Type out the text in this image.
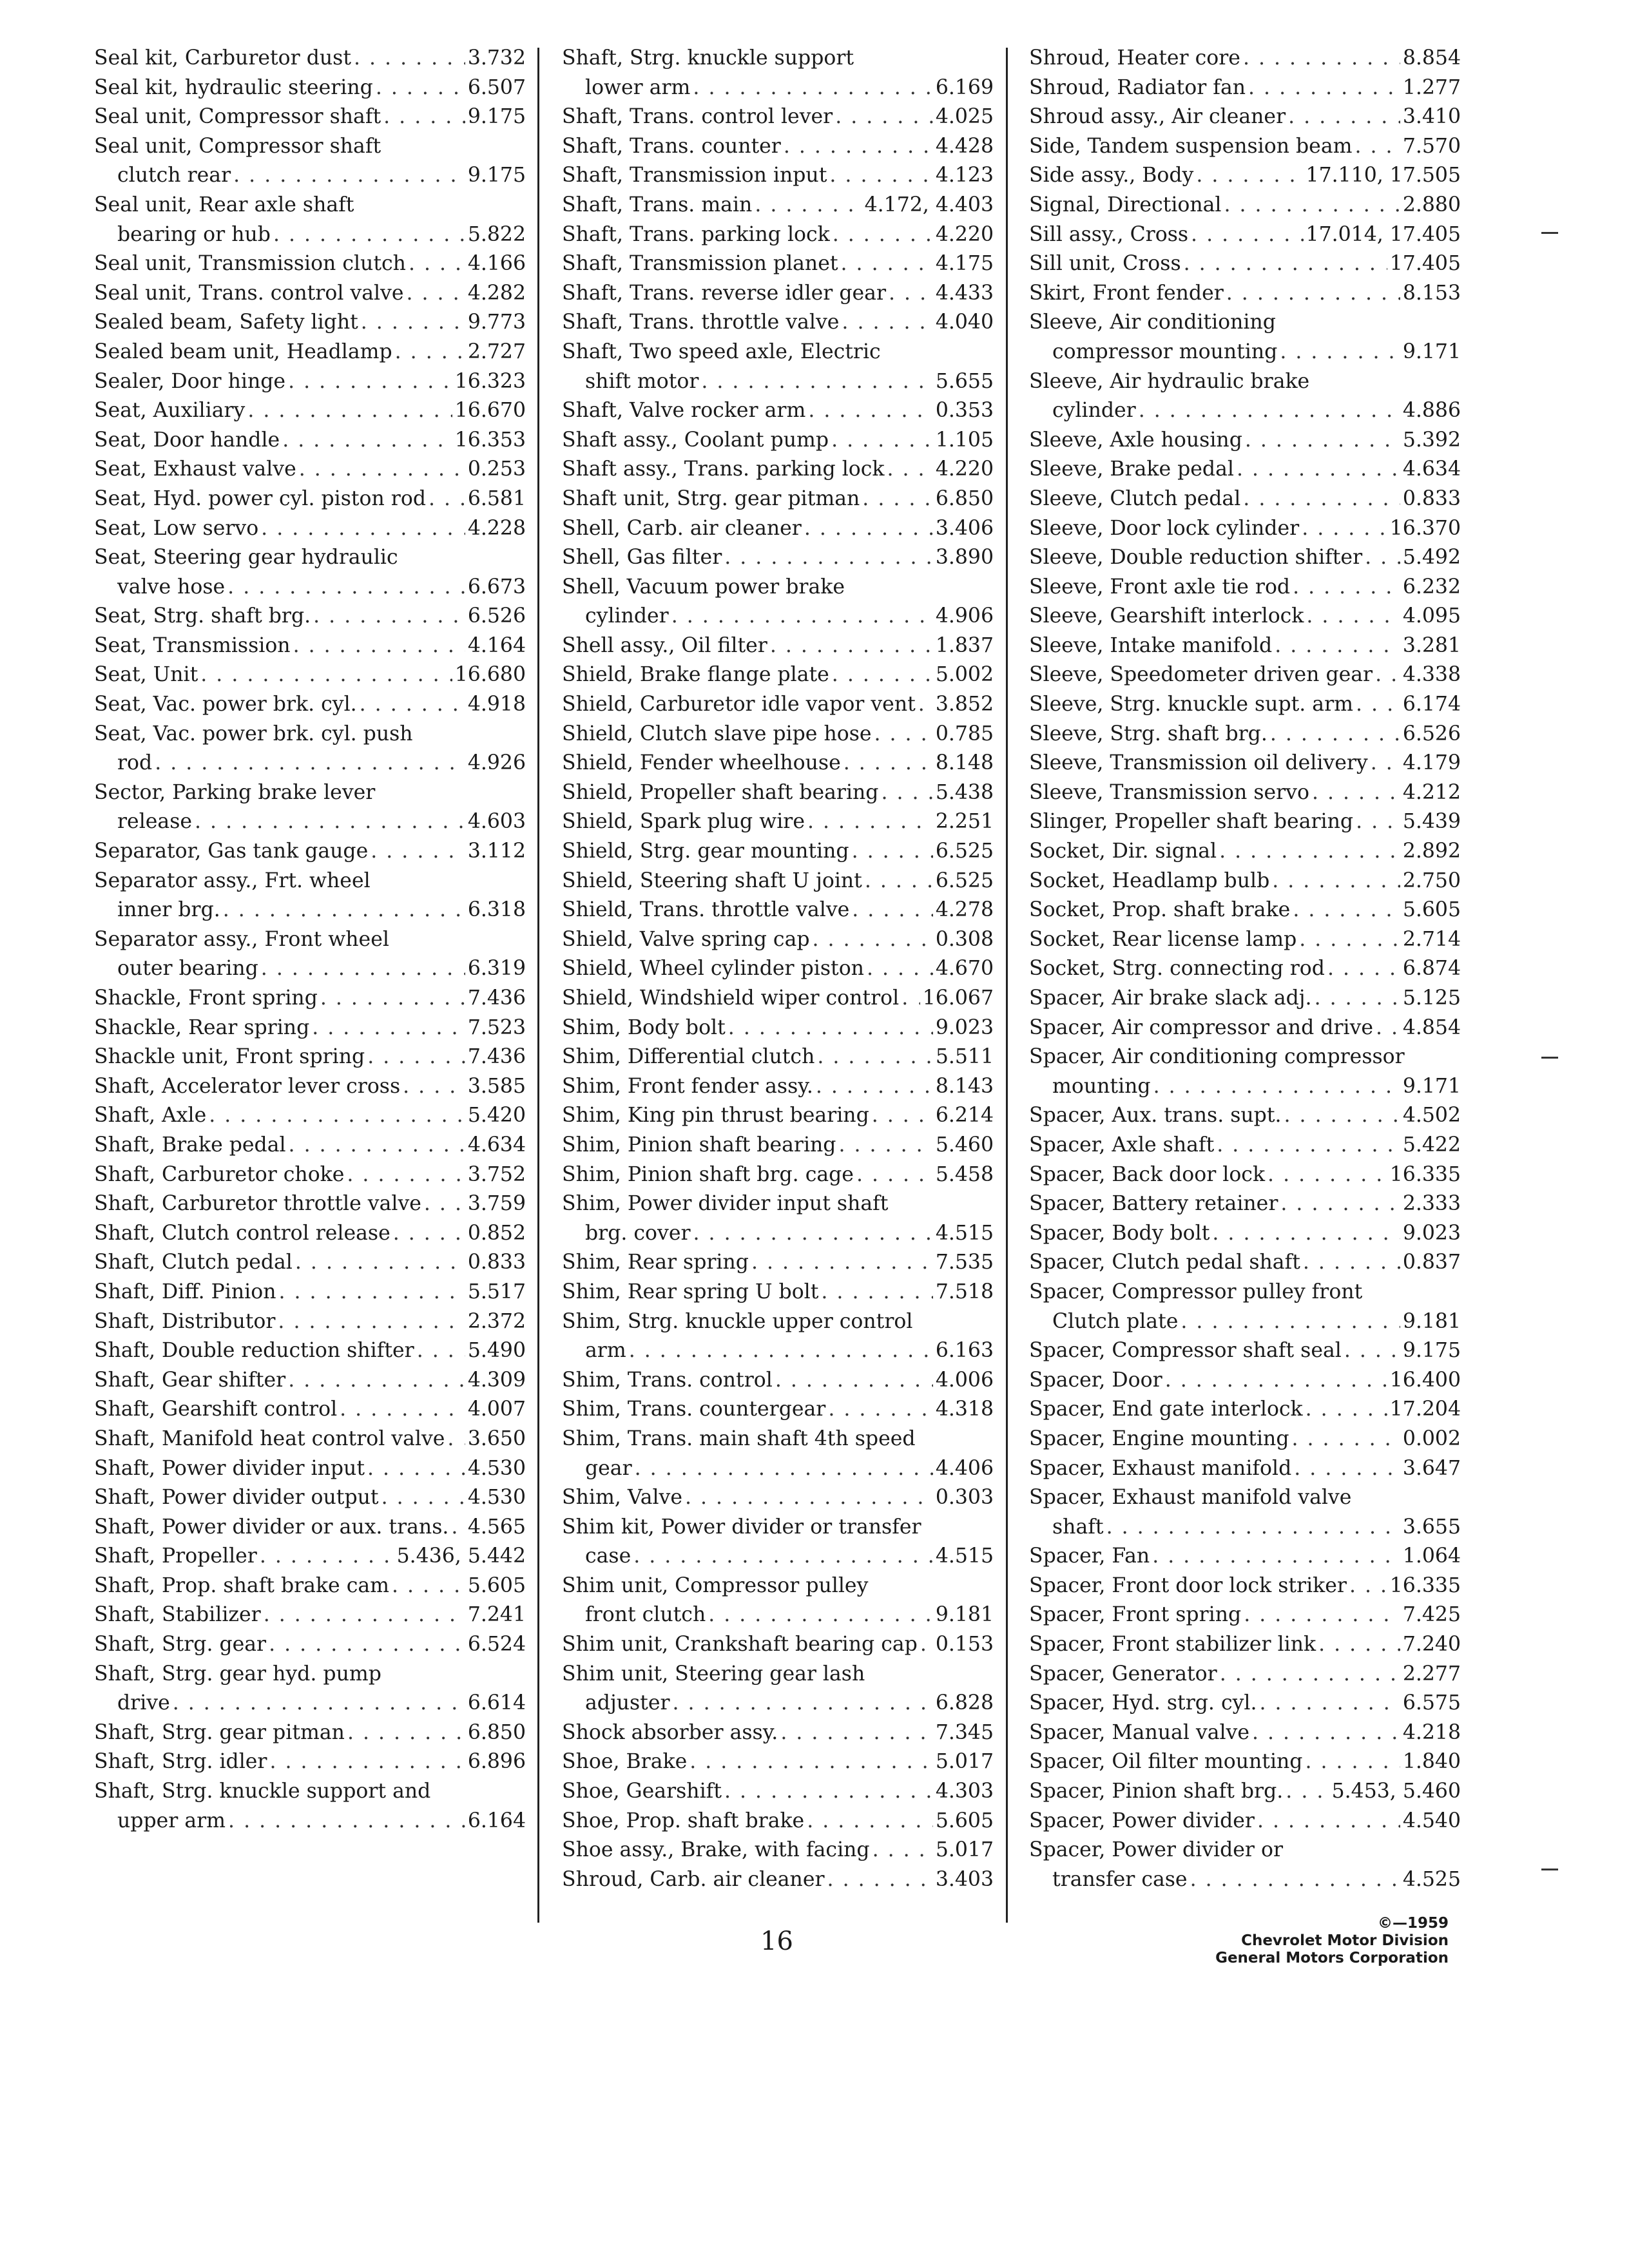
Seal kit, Carburetor dust . . .	3.732
Seal kit, hydraulic steering . . .	6.507
Seal unit, Compressor shaft . . .	9.175
Seal unit, Compressor shaft
clutch rear . . .	9.175
Seal unit, Rear axle shaft
bearing or hub . . .	5.822
Seal unit, Transmission clutch . . .	4.166
Seal unit, Trans. control valve . . .	4.282
Sealed beam, Safety light . . .	9.773
Sealed beam unit, Headlamp . . .	2.727
Sealer, Door hinge . . .	16.323
Seat, Auxiliary . . .	16.670
Seat, Door handle . . .	16.353
Seat, Exhaust valve . . .	0.253
Seat, Hyd. power cyl. piston rod . . . 6.581
Seat, Low servo . . .	4.228
Seat, Steering gear hydraulic
valve hose . . .	6.673
Seat, Strg. shaft brg. . . .	6.526
Seat, Transmission . . .	4.164
Seat, Unit . . .	16.680
Seat, Vac. power brk. cyl. . . .	4.918
Seat, Vac. power brk. cyl. push
rod . . .	4.926
Sector, Parking brake lever
release . . .	4.603
Separator, Gas tank gauge . . .	3.112
Separator assy., Frt. wheel
inner brg. . . .	6.318
Separator assy., Front wheel
outer bearing . . .	6.319
Shackle, Front spring . . .	7.436
Shackle, Rear spring . . .	7.523
Shackle unit, Front spring . . .	7.436
Shaft, Accelerator lever cross . . .	3.585
Shaft, Axle . . .	5.420
Shaft, Brake pedal . . .	4.634
Shaft, Carburetor choke . . .	3.752
Shaft, Carburetor throttle valve . . . 3.759
Shaft, Clutch control release . . .	0.852
Shaft, Clutch pedal . . .	0.833
Shaft, Diff. Pinion . . .	5.517
Shaft, Distributor . . .	2.372
Shaft, Double reduction shifter . . .	5.490
Shaft, Gear shifter . . .	4.309
Shaft, Gearshift control . . .	4.007
Shaft, Manifold heat control valve . . . 3.650
Shaft, Power divider input . . .	4.530
Shaft, Power divider output . . .	4.530
Shaft, Power divider or aux. trans. . . . 4.565
Shaft, Propeller . . .	5.436, 5.442
Shaft, Prop. shaft brake cam . . .	5.605
Shaft, Stabilizer . . .	7.241
Shaft, Strg. gear . . .	6.524
Shaft, Strg. gear hyd. pump
drive . . .	6.614
Shaft, Strg. gear pitman . . .	6.850
Shaft, Strg. idler . . .	6.896
Shaft, Strg. knuckle support and
upper arm . . .	6.164
Shaft, Strg. knuckle support
lower arm . . .	6.169
Shaft, Trans. control lever . . .	4.025
Shaft, Trans. counter . . .	4.428
Shaft, Transmission input . . .	4.123
Shaft, Trans. main . . .	4.172, 4.403
Shaft, Trans. parking lock . . .	4.220
Shaft, Transmission planet . . .	4.175
Shaft, Trans. reverse idler gear . . . 4.433
Shaft, Trans. throttle valve . . .	4.040
Shaft, Two speed axle, Electric
shift motor . . .	5.655
Shaft, Valve rocker arm . . .	0.353
Shaft assy., Coolant pump . . .	1.105
Shaft assy., Trans. parking lock . . .	4.220
Shaft unit, Strg. gear pitman . . .	6.850
Shell, Carb. air cleaner . . .	3.406
Shell, Gas filter . . .	3.890
Shell, Vacuum power brake
cylinder . . .	4.906
Shell assy., Oil filter . . .	1.837
Shield, Brake flange plate . . .	5.002
Shield, Carburetor idle vapor vent . . . 3.852
Shield, Clutch slave pipe hose . . .	0.785
Shield, Fender wheelhouse . . .	8.148
Shield, Propeller shaft bearing . . .	5.438
Shield, Spark plug wire . . .	2.251
Shield, Strg. gear mounting . . .	6.525
Shield, Steering shaft U joint . . .	6.525
Shield, Trans. throttle valve . . .	4.278
Shield, Valve spring cap . . .	0.308
Shield, Wheel cylinder piston . . .	4.670
Shield, Windshield wiper control . . . 16.067
Shim, Body bolt . . .	9.023
Shim, Differential clutch . . .	5.511
Shim, Front fender assy. . . .	8.143
Shim, King pin thrust bearing . . .	6.214
Shim, Pinion shaft bearing . . .	5.460
Shim, Pinion shaft brg. cage . . .	5.458
Shim, Power divider input shaft
brg. cover . . .	4.515
Shim, Rear spring . . .	7.535
Shim, Rear spring U bolt . . .	7.518
Shim, Strg. knuckle upper control
arm . . .	6.163
Shim, Trans. control . . .	4.006
Shim, Trans. countergear . . .	4.318
Shim, Trans. main shaft 4th speed
gear . . .	4.406
Shim, Valve . . .	0.303
Shim kit, Power divider or transfer
case . . .	4.515
Shim unit, Compressor pulley
front clutch . . .	9.181
Shim unit, Crankshaft bearing cap . . . 0.153
Shim unit, Steering gear lash
adjuster . . .	6.828
Shock absorber assy. . . .	7.345
Shoe, Brake . . .	5.017
Shoe, Gearshift . . .	4.303
Shoe, Prop. shaft brake . . .	5.605
Shoe assy., Brake, with facing . . .	5.017
Shroud, Carb. air cleaner . . .	3.403
Shroud, Heater core . . .	8.854
Shroud, Radiator fan . . .	1.277
Shroud assy., Air cleaner . . .	3.410
Side, Tandem suspension beam . . . 7.570
Side assy., Body . . .	17.110, 17.505
Signal, Directional . . .	2.880
Sill assy., Cross . . .	17.014, 17.405
Sill unit, Cross . . .	17.405
Skirt, Front fender . . .	8.153
Sleeve, Air conditioning
compressor mounting . . .	9.171
Sleeve, Air hydraulic brake
cylinder . . .	4.886
Sleeve, Axle housing . . .	5.392
Sleeve, Brake pedal . . .	4.634
Sleeve, Clutch pedal . . .	0.833
Sleeve, Door lock cylinder . . .	16.370
Sleeve, Double reduction shifter . . . 5.492
Sleeve, Front axle tie rod . . .	6.232
Sleeve, Gearshift interlock . . .	4.095
Sleeve, Intake manifold . . .	3.281
Sleeve, Speedometer driven gear . . . 4.338
Sleeve, Strg. knuckle supt. arm . . . 6.174
Sleeve, Strg. shaft brg. . . .	6.526
Sleeve, Transmission oil delivery . . . 4.179
Sleeve, Transmission servo . . .	4.212
Slinger, Propeller shaft bearing . . . 5.439
Socket, Dir. signal . . .	2.892
Socket, Headlamp bulb . . .	2.750
Socket, Prop. shaft brake . . .	5.605
Socket, Rear license lamp . . .	2.714
Socket, Strg. connecting rod . . .	6.874
Spacer, Air brake slack adj. . . .	5.125
Spacer, Air compressor and drive . . . 4.854
Spacer, Air conditioning compressor
mounting . . .	9.171
Spacer, Aux. trans. supt. . . .	4.502
Spacer, Axle shaft . . .	5.422
Spacer, Back door lock . . .	16.335
Spacer, Battery retainer . . .	2.333
Spacer, Body bolt . . .	9.023
Spacer, Clutch pedal shaft . . .	0.837
Spacer, Compressor pulley front
Clutch plate . . .	9.181
Spacer, Compressor shaft seal . . .	9.175
Spacer, Door . . .	16.400
Spacer, End gate interlock . . .	17.204
Spacer, Engine mounting . . .	0.002
Spacer, Exhaust manifold . . .	3.647
Spacer, Exhaust manifold valve
shaft . . .	3.655
Spacer, Fan . . .	1.064
Spacer, Front door lock striker . . . 16.335
Spacer, Front spring . . .	7.425
Spacer, Front stabilizer link . . .	7.240
Spacer, Generator . . .	2.277
Spacer, Hyd. strg. cyl. . . .	6.575
Spacer, Manual valve . . .	4.218
Spacer, Oil filter mounting . . .	1.840
Spacer, Pinion shaft brg. . . . 5.453, 5.460
Spacer, Power divider . . .	4.540
Spacer, Power divider or
transfer case . . .	4.525
16
©—1959
Chevrolet Motor Division
General Motors Corporation
